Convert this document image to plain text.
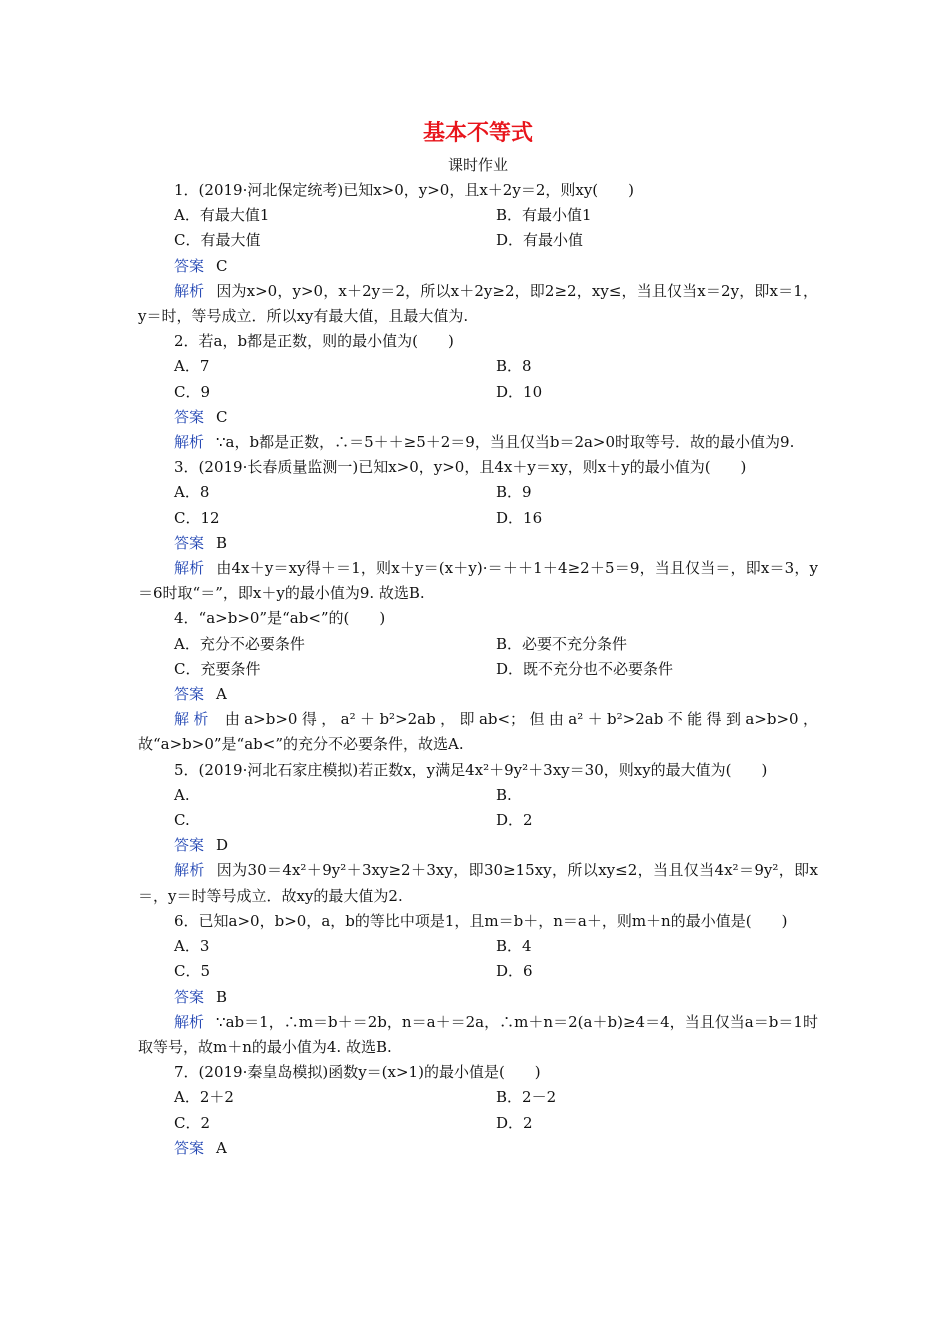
基本不等式
课时作业
1．(2019·河北保定统考)已知x>0，y>0，且x＋2y＝2，则xy(　　)
A．有最大值1	B．有最小值1
C．有最大值	D．有最小值
答案 C
解析 因为x>0，y>0，x＋2y＝2，所以x＋2y≥2，即2≥2，xy≤，当且仅当x＝2y，即x＝1，y＝时，等号成立．所以xy有最大值，且最大值为.
2．若a，b都是正数，则的最小值为(　　)
A．7	B．8
C．9	D．10
答案 C
解析 ∵a，b都是正数，∴＝5＋＋≥5＋2＝9，当且仅当b＝2a>0时取等号．故的最小值为9.
3．(2019·长春质量监测一)已知x>0，y>0，且4x＋y＝xy，则x＋y的最小值为(　　)
A．8	B．9
C．12	D．16
答案 B
解析 由4x＋y＝xy得＋＝1，则x＋y＝(x＋y)·＝＋＋1＋4≥2＋5＝9，当且仅当＝，即x＝3，y＝6时取“＝”，即x＋y的最小值为9. 故选B.
4．“a>b>0”是“ab<”的(　　)
A．充分不必要条件	B．必要不充分条件
C．充要条件	D．既不充分也不必要条件
答案 A
解析 由a>b>0得，a²＋b²>2ab，即ab<；但由a²＋b²>2ab不能得到a>b>0，故“a>b>0”是“ab<”的充分不必要条件，故选A.
5．(2019·河北石家庄模拟)若正数x，y满足4x²＋9y²＋3xy＝30，则xy的最大值为(　　)
A.	B.
C.	D．2
答案 D
解析 因为30＝4x²＋9y²＋3xy≥2＋3xy，即30≥15xy，所以xy≤2，当且仅当4x²＝9y²，即x＝，y＝时等号成立．故xy的最大值为2.
6．已知a>0，b>0，a，b的等比中项是1，且m＝b＋，n＝a＋，则m＋n的最小值是(　　)
A．3	B．4
C．5	D．6
答案 B
解析 ∵ab＝1，∴m＝b＋＝2b，n＝a＋＝2a，∴m＋n＝2(a＋b)≥4＝4，当且仅当a＝b＝1时取等号，故m＋n的最小值为4. 故选B.
7．(2019·秦皇岛模拟)函数y＝(x>1)的最小值是(　　)
A．2＋2	B．2－2
C．2	D．2
答案 A
